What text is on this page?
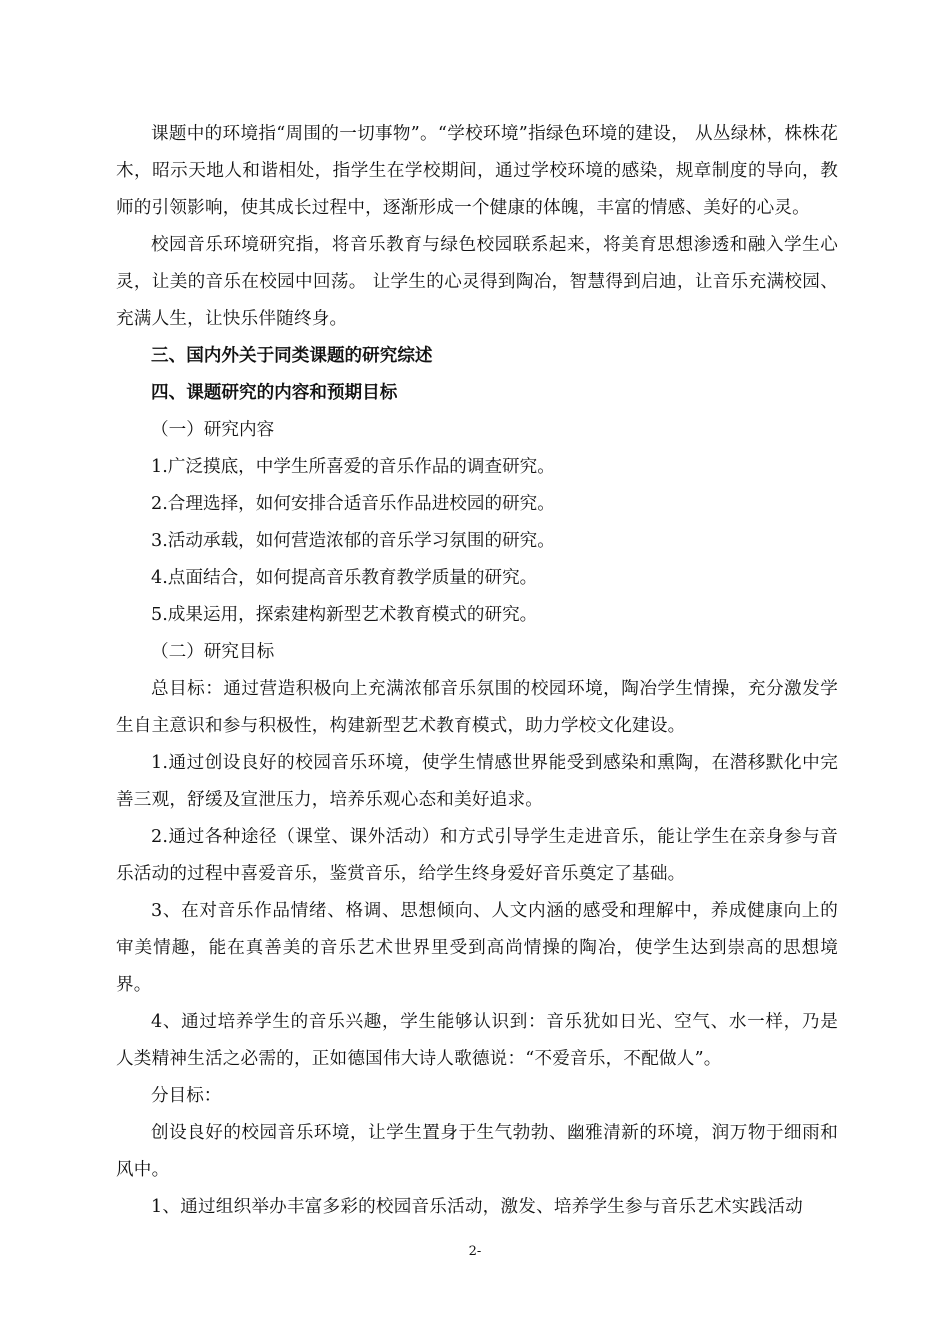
课题中的环境指“周围的一切事物”。“学校环境”指绿色环境的建设， 从丛绿林，株株花木，昭示天地人和谐相处，指学生在学校期间，通过学校环境的感染，规章制度的导向，教师的引领影响，使其成长过程中，逐渐形成一个健康的体魄，丰富的情感、美好的心灵。

校园音乐环境研究指，将音乐教育与绿色校园联系起来，将美育思想渗透和融入学生心灵，让美的音乐在校园中回荡。 让学生的心灵得到陶冶，智慧得到启迪，让音乐充满校园、充满人生，让快乐伴随终身。

三、国内外关于同类课题的研究综述

四、课题研究的内容和预期目标

（一）研究内容

1.广泛摸底，中学生所喜爱的音乐作品的调查研究。

2.合理选择，如何安排合适音乐作品进校园的研究。

3.活动承载，如何营造浓郁的音乐学习氛围的研究。

4.点面结合，如何提高音乐教育教学质量的研究。

5.成果运用，探索建构新型艺术教育模式的研究。

（二）研究目标

总目标：通过营造积极向上充满浓郁音乐氛围的校园环境，陶冶学生情操，充分激发学生自主意识和参与积极性，构建新型艺术教育模式，助力学校文化建设。

1.通过创设良好的校园音乐环境，使学生情感世界能受到感染和熏陶，在潜移默化中完善三观，舒缓及宣泄压力，培养乐观心态和美好追求。

2.通过各种途径（课堂、课外活动）和方式引导学生走进音乐，能让学生在亲身参与音乐活动的过程中喜爱音乐，鉴赏音乐，给学生终身爱好音乐奠定了基础。

3、在对音乐作品情绪、格调、思想倾向、人文内涵的感受和理解中，养成健康向上的审美情趣，能在真善美的音乐艺术世界里受到高尚情操的陶冶，使学生达到崇高的思想境界。

4、通过培养学生的音乐兴趣，学生能够认识到：音乐犹如日光、空气、水一样，乃是人类精神生活之必需的，正如德国伟大诗人歌德说：“不爱音乐，不配做人”。

分目标：

创设良好的校园音乐环境，让学生置身于生气勃勃、幽雅清新的环境，润万物于细雨和风中。

1、通过组织举办丰富多彩的校园音乐活动，激发、培养学生参与音乐艺术实践活动

2-
